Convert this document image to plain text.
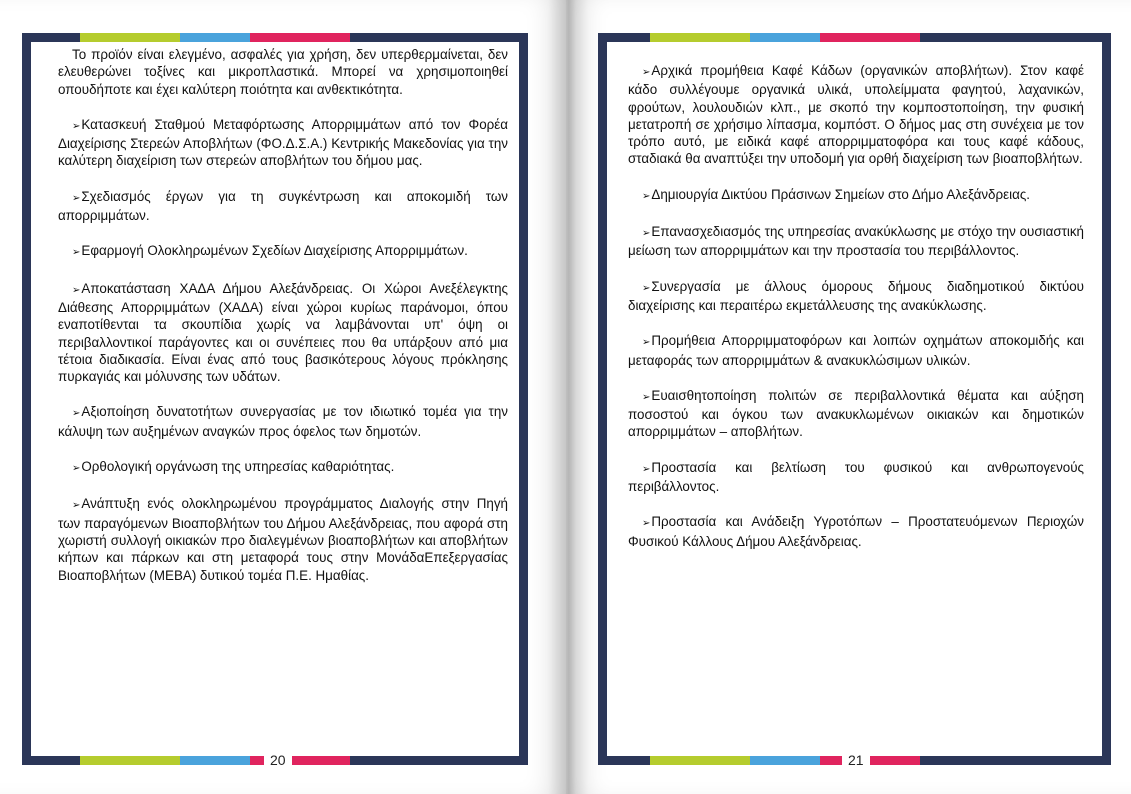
20	21

Το προϊόν είναι ελεγμένο, ασφαλές για χρήση, δεν υπερθερμαίνεται, δεν ελευθερώνει τοξίνες και μικροπλαστικά. Μπορεί να χρησιμοποιηθεί οπουδήποτε και έχει καλύτερη ποιότητα και ανθεκτικότητα.

➢ Κατασκευή Σταθμού Μεταφόρτωσης Απορριμμάτων από τον Φορέα Διαχείρισης Στερεών Αποβλήτων (ΦΟ.Δ.Σ.Α.) Κεντρικής Μακεδονίας για την καλύτερη διαχείριση των στερεών αποβλήτων του δήμου μας.

➢ Σχεδιασμός έργων για τη συγκέντρωση και αποκομιδή των απορριμμάτων.

➢ Εφαρμογή Ολοκληρωμένων Σχεδίων Διαχείρισης Απορριμμάτων.

➢ Αποκατάσταση ΧΑΔΑ Δήμου Αλεξάνδρειας. Οι Χώροι Ανεξέλεγκτης Διάθεσης Απορριμμάτων (ΧΑΔΑ) είναι χώροι κυρίως παράνομοι, όπου εναποτίθενται τα σκουπίδια χωρίς να λαμβάνονται υπ' όψη οι περιβαλλοντικοί παράγοντες και οι συνέπειες που θα υπάρξουν από μια τέτοια διαδικασία. Είναι ένας από τους βασικότερους λόγους πρόκλησης πυρκαγιάς και μόλυνσης των υδάτων.

➢ Αξιοποίηση δυνατοτήτων συνεργασίας με τον ιδιωτικό τομέα για την κάλυψη των αυξημένων αναγκών προς όφελος των δημοτών.

➢ Ορθολογική οργάνωση της υπηρεσίας καθαριότητας.

➢ Ανάπτυξη ενός ολοκληρωμένου προγράμματος Διαλογής στην Πηγή των παραγόμενων Βιοαποβλήτων του Δήμου Αλεξάνδρειας, που αφορά στη χωριστή συλλογή οικιακών προ διαλεγμένων βιοαποβλήτων και αποβλήτων κήπων και πάρκων και στη μεταφορά τους στην ΜονάδαΕπεξεργασίας Βιοαποβλήτων (ΜΕΒΑ) δυτικού τομέα Π.Ε. Ημαθίας.

➢ Αρχικά προμήθεια Καφέ Κάδων (οργανικών αποβλήτων). Στον καφέ κάδο συλλέγουμε οργανικά υλικά, υπολείμματα φαγητού, λαχανικών, φρούτων, λουλουδιών κλπ., με σκοπό την κομποστοποίηση, την φυσική μετατροπή σε χρήσιμο λίπασμα, κομπόστ. Ο δήμος μας στη συνέχεια με τον τρόπο αυτό, με ειδικά καφέ απορριμματοφόρα και τους καφέ κάδους, σταδιακά θα αναπτύξει την υποδομή για ορθή διαχείριση των βιοαποβλήτων.

➢ Δημιουργία Δικτύου Πράσινων Σημείων στο Δήμο Αλεξάνδρειας.

➢ Επανασχεδιασμός της υπηρεσίας ανακύκλωσης με στόχο την ουσιαστική μείωση των απορριμμάτων και την προστασία του περιβάλλοντος.

➢ Συνεργασία με άλλους όμορους δήμους διαδημοτικού δικτύου διαχείρισης και περαιτέρω εκμετάλλευσης της ανακύκλωσης.

➢ Προμήθεια Απορριμματοφόρων και λοιπών οχημάτων αποκομιδής και μεταφοράς των απορριμμάτων & ανακυκλώσιμων υλικών.

➢ Ευαισθητοποίηση πολιτών σε περιβαλλοντικά θέματα και αύξηση ποσοστού και όγκου των ανακυκλωμένων οικιακών και δημοτικών απορριμμάτων – αποβλήτων.

➢ Προστασία και βελτίωση του φυσικού και ανθρωπογενούς περιβάλλοντος.

➢ Προστασία και Ανάδειξη Υγροτόπων – Προστατευόμενων Περιοχών Φυσικού Κάλλους Δήμου Αλεξάνδρειας.
